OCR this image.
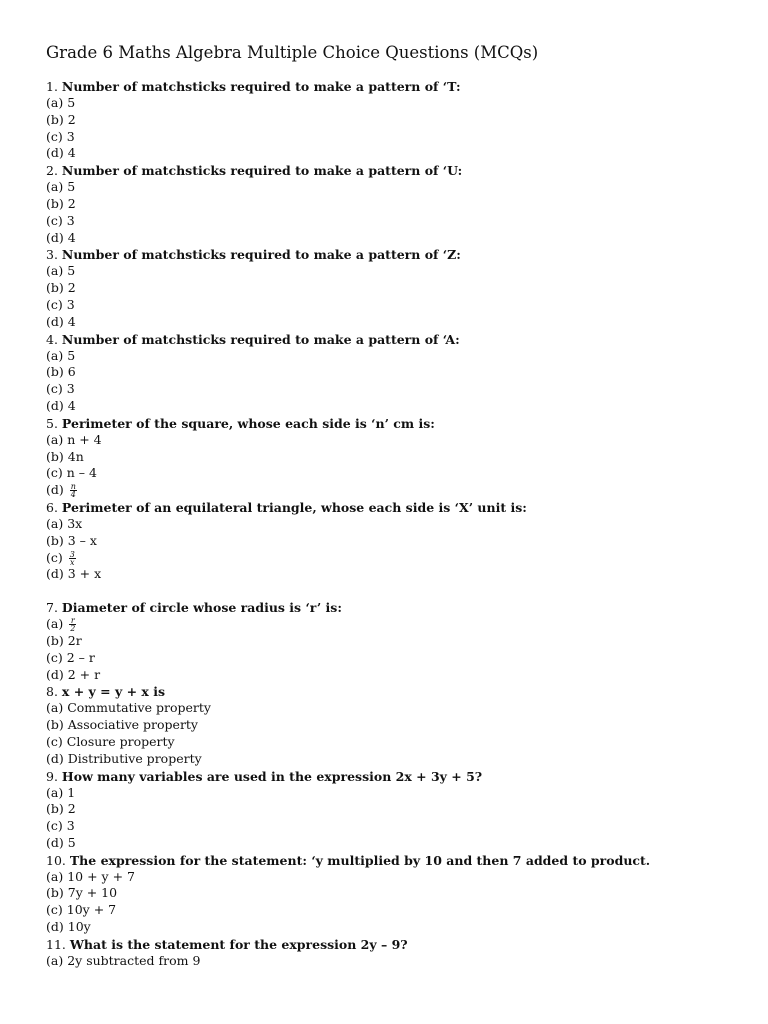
Grade 6 Maths Algebra Multiple Choice Questions (MCQs)
1. Number of matchsticks required to make a pattern of ‘T:
(a) 5
(b) 2
(c) 3
(d) 4
2. Number of matchsticks required to make a pattern of ‘U:
(a) 5
(b) 2
(c) 3
(d) 4
3. Number of matchsticks required to make a pattern of ‘Z:
(a) 5
(b) 2
(c) 3
(d) 4
4. Number of matchsticks required to make a pattern of ‘A:
(a) 5
(b) 6
(c) 3
(d) 4
5. Perimeter of the square, whose each side is ‘n’ cm is:
(a) n + 4
(b) 4n
(c) n – 4
$(d) \frac{n}{4}$
6. Perimeter of an equilateral triangle, whose each side is ‘X’ unit is:
(a) 3x
(b) 3 – x
$(c) \frac{3}{x}$
(d) 3 + x
7. Diameter of circle whose radius is ‘r’ is:
$(a) \frac{r}{2}$
(b) 2r
(c) 2 – r
(d) 2 + r
8. x + y = y + x is
(a) Commutative property
(b) Associative property
(c) Closure property
(d) Distributive property
9. How many variables are used in the expression 2x + 3y + 5?
(a) 1
(b) 2
(c) 3
(d) 5
10. The expression for the statement: ‘y multiplied by 10 and then 7 added to product.
(a) 10 + y + 7
(b) 7y + 10
(c) 10y + 7
(d) 10y
11. What is the statement for the expression 2y – 9?
(a) 2y subtracted from 9
